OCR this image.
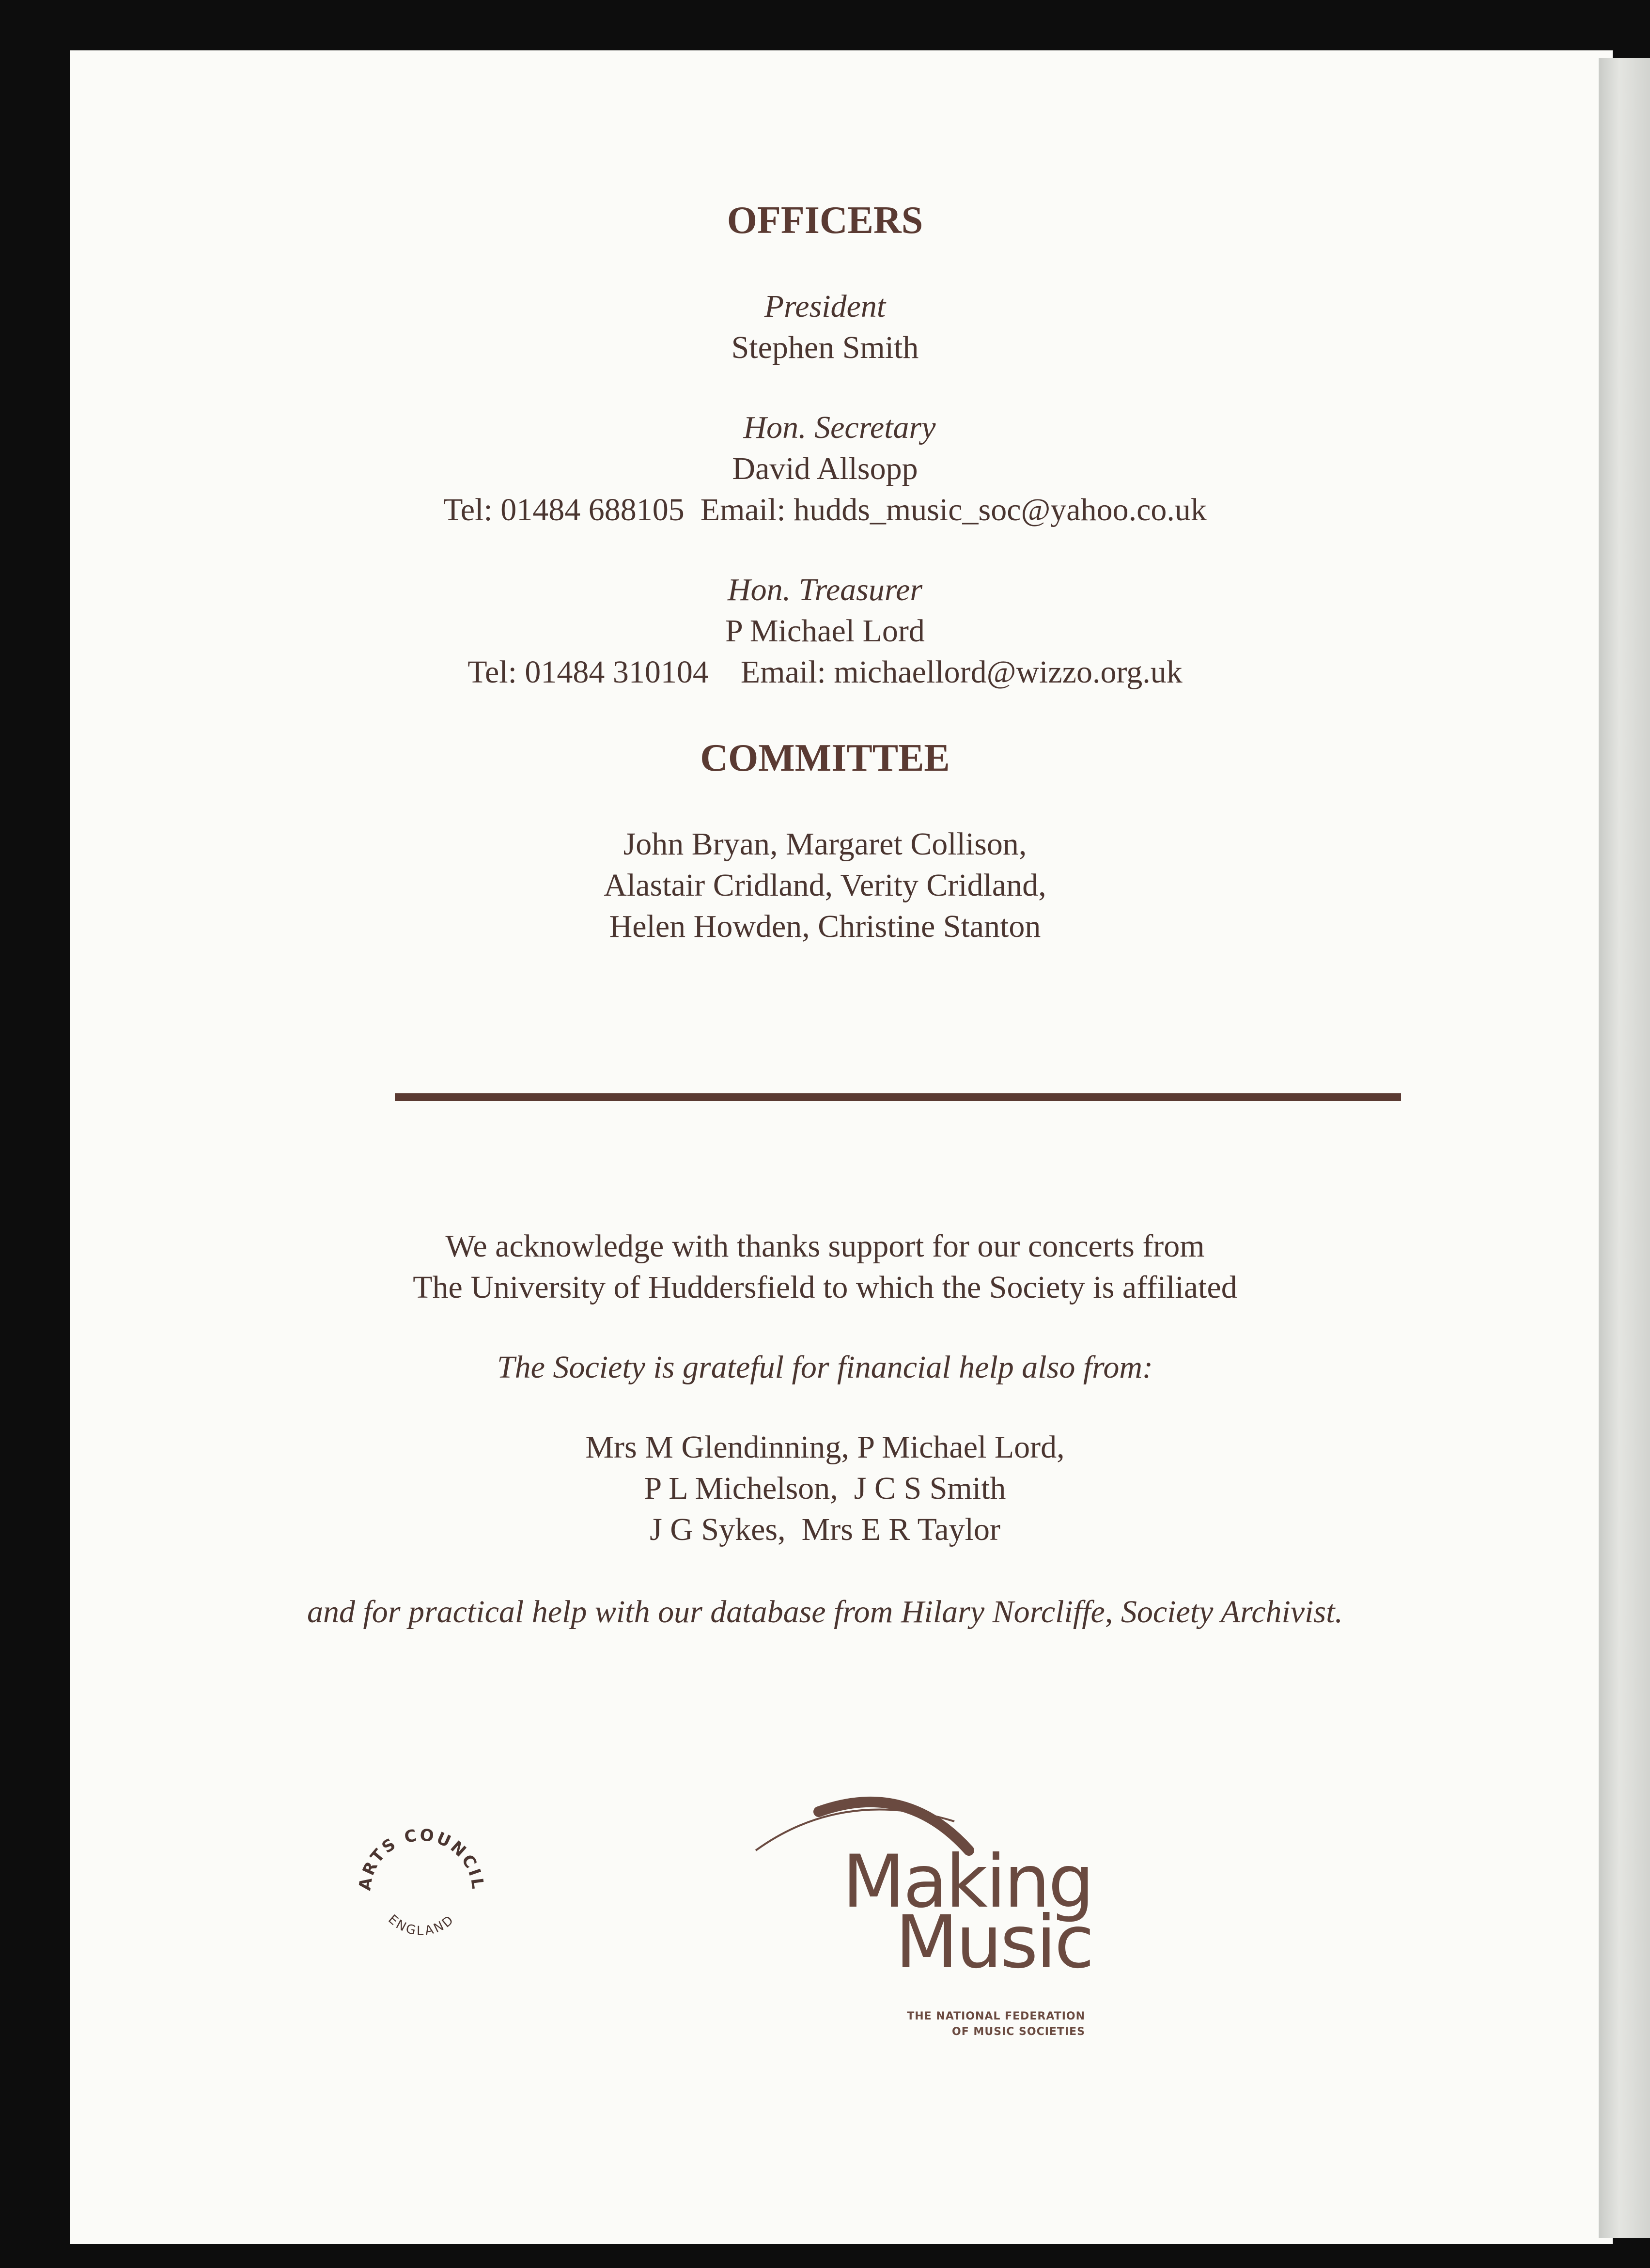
OFFICERS

President

Stephen Smith

Hon. Secretary

David Allsopp

Tel: 01484 688105  Email: hudds_music_soc@yahoo.co.uk

Hon. Treasurer

P Michael Lord

Tel: 01484 310104    Email: michaellord@wizzo.org.uk

COMMITTEE

John Bryan, Margaret Collison,

Alastair Cridland, Verity Cridland,

Helen Howden, Christine Stanton

We acknowledge with thanks support for our concerts from

The University of Huddersfield to which the Society is affiliated

The Society is grateful for financial help also from:

Mrs M Glendinning, P Michael Lord,

P L Michelson,  J C S Smith

J G Sykes,  Mrs E R Taylor

and for practical help with our database from Hilary Norcliffe, Society Archivist.

ARTS COUNCIL
ENGLAND	Making
Music
THE NATIONAL FEDERATION
OF MUSIC SOCIETIES
